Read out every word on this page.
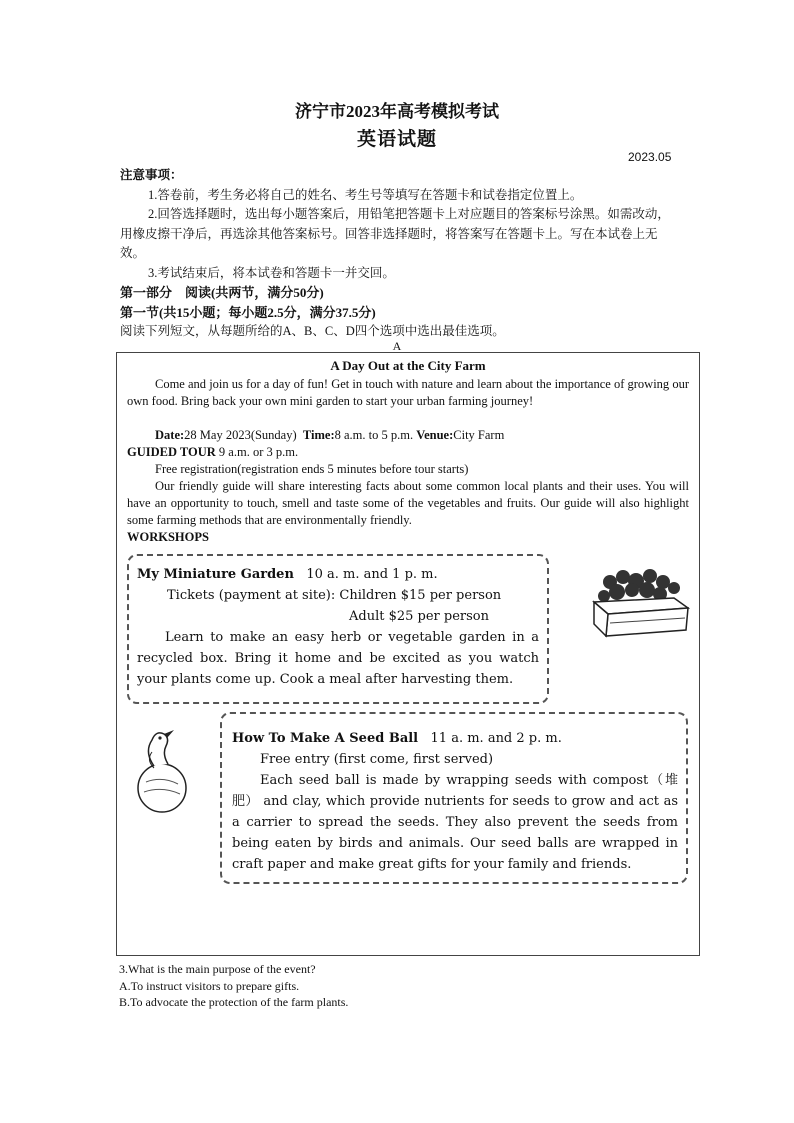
济宁市2023年高考模拟考试
英语试题
2023.05
注意事项：
1.答卷前，考生务必将自己的姓名、考生号等填写在答题卡和试卷指定位置上。
2.回答选择题时，选出每小题答案后，用铅笔把答题卡上对应题目的答案标号涂黑。如需改动，用橡皮擦干净后，再选涂其他答案标号。回答非选择题时，将答案写在答题卡上。写在本试卷上无效。
3.考试结束后，将本试卷和答题卡一并交回。
第一部分　阅读(共两节，满分50分)
第一节(共15小题；每小题2.5分，满分37.5分)
阅读下列短文，从每题所给的A、B、C、D四个选项中选出最佳选项。
A
A Day Out at the City Farm
Come and join us for a day of fun! Get in touch with nature and learn about the importance of growing our own food. Bring back your own mini garden to start your urban farming journey!
Date:28 May 2023(Sunday) Time:8 a.m. to 5 p.m. Venue:City Farm
GUIDED TOUR 9 a.m. or 3 p.m.
Free registration(registration ends 5 minutes before tour starts)
Our friendly guide will share interesting facts about some common local plants and their uses. You will have an opportunity to touch, smell and taste some of the vegetables and fruits. Our guide will also highlight some farming methods that are environmentally friendly.
WORKSHOPS
My Miniature Garden 10 a. m. and 1 p. m.
Tickets (payment at site): Children $15 per person
Adult $25 per person
Learn to make an easy herb or vegetable garden in a recycled box. Bring it home and be excited as you watch your plants come up. Cook a meal after harvesting them.
How To Make A Seed Ball 11 a. m. and 2 p. m.
Free entry (first come, first served)
Each seed ball is made by wrapping seeds with compost（堆肥） and clay, which provide nutrients for seeds to grow and act as a carrier to spread the seeds. They also prevent the seeds from being eaten by birds and animals. Our seed balls are wrapped in craft paper and make great gifts for your family and friends.
3.What is the main purpose of the event?
A.To instruct visitors to prepare gifts.
B.To advocate the protection of the farm plants.
